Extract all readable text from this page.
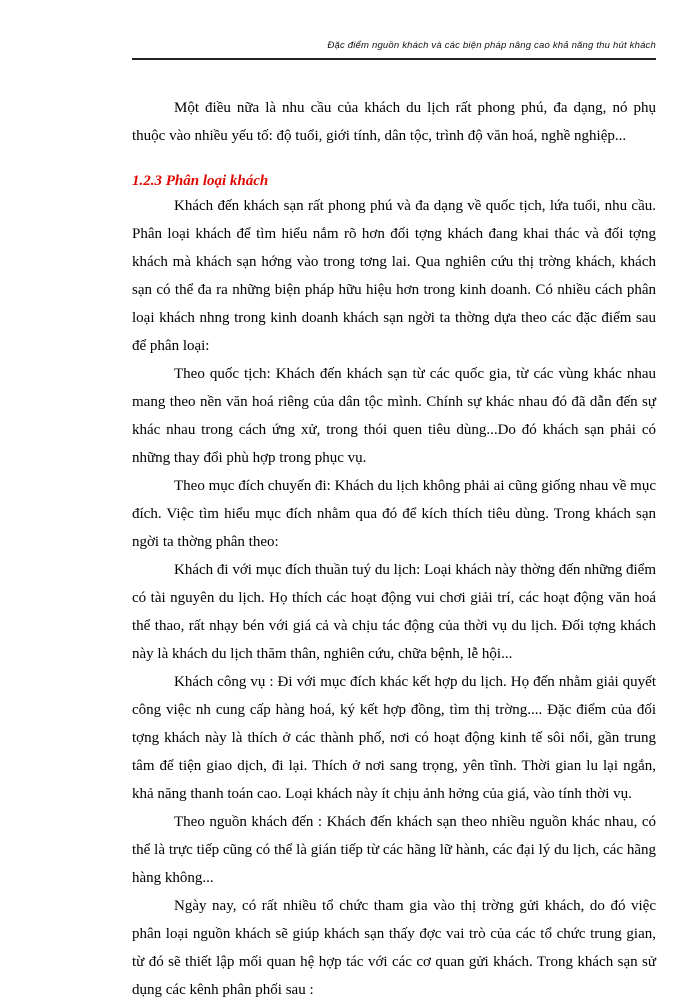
Đặc điểm nguồn khách và các biện pháp nâng cao khả năng thu hút khách

Một điều nữa là nhu cầu của khách du lịch rất phong phú, đa dạng, nó phụ thuộc vào nhiều yếu tố: độ tuổi, giới tính, dân tộc, trình độ văn hoá, nghề nghiệp...

1.2.3 Phân loại khách

Khách đến khách sạn rất phong phú và đa dạng về quốc tịch, lứa tuổi, nhu cầu. Phân loại khách để tìm hiểu nắm rõ hơn đối tợng khách đang khai thác và đối tợng khách mà khách sạn hớng vào trong tơng lai. Qua nghiên cứu thị trờng khách, khách sạn có thể đa ra những biện pháp hữu hiệu hơn trong kinh doanh. Có nhiều cách phân loại khách nhng trong kinh doanh khách sạn ngời ta thờng dựa theo các đặc điểm sau để phân loại:

Theo quốc tịch: Khách đến khách sạn từ các quốc gia, từ các vùng khác nhau mang theo nền văn hoá riêng của dân tộc mình. Chính sự khác nhau đó đã dẫn đến sự khác nhau trong cách ứng xử, trong thói quen tiêu dùng...Do đó khách sạn phải có những thay đổi phù hợp trong phục vụ.

Theo mục đích chuyến đi: Khách du lịch không phải ai cũng giống nhau về mục đích. Việc tìm hiểu mục đích nhằm qua đó để kích thích tiêu dùng. Trong khách sạn ngời ta thờng phân theo:

Khách đi với mục đích thuần tuý du lịch: Loại khách này thờng đến những điểm có tài nguyên du lịch. Họ thích các hoạt động vui chơi giải trí, các hoạt động văn hoá thể thao, rất nhạy bén với giá cả và chịu tác động của thời vụ du lịch. Đối tợng khách này là khách du lịch thăm thân, nghiên cứu, chữa bệnh, lễ hội...

Khách công vụ : Đi với mục đích khác kết hợp du lịch. Họ đến nhằm giải quyết công việc nh cung cấp hàng hoá, ký kết hợp đồng, tìm thị trờng.... Đặc điểm của đối tợng khách này là thích ở các thành phố, nơi có hoạt động kinh tế sôi nổi, gần trung tâm để tiện giao dịch, đi lại. Thích ở nơi sang trọng, yên tĩnh. Thời gian lu lại ngắn, khả năng thanh toán cao. Loại khách này ít chịu ảnh hởng của giá, vào tính thời vụ.

Theo nguồn khách đến : Khách đến khách sạn theo nhiều nguồn khác nhau, có thể là trực tiếp cũng có thể là gián tiếp từ các hãng lữ hành, các đại lý du lịch, các hãng hàng không...

Ngày nay, có rất nhiều tổ chức tham gia vào thị trờng gửi khách, do đó việc phân loại nguồn khách sẽ giúp khách sạn thấy đợc vai trò của các tổ chức trung gian, từ đó sẽ thiết lập mối quan hệ hợp tác với các cơ quan gửi khách. Trong khách sạn sử dụng các kênh phân phối sau :
